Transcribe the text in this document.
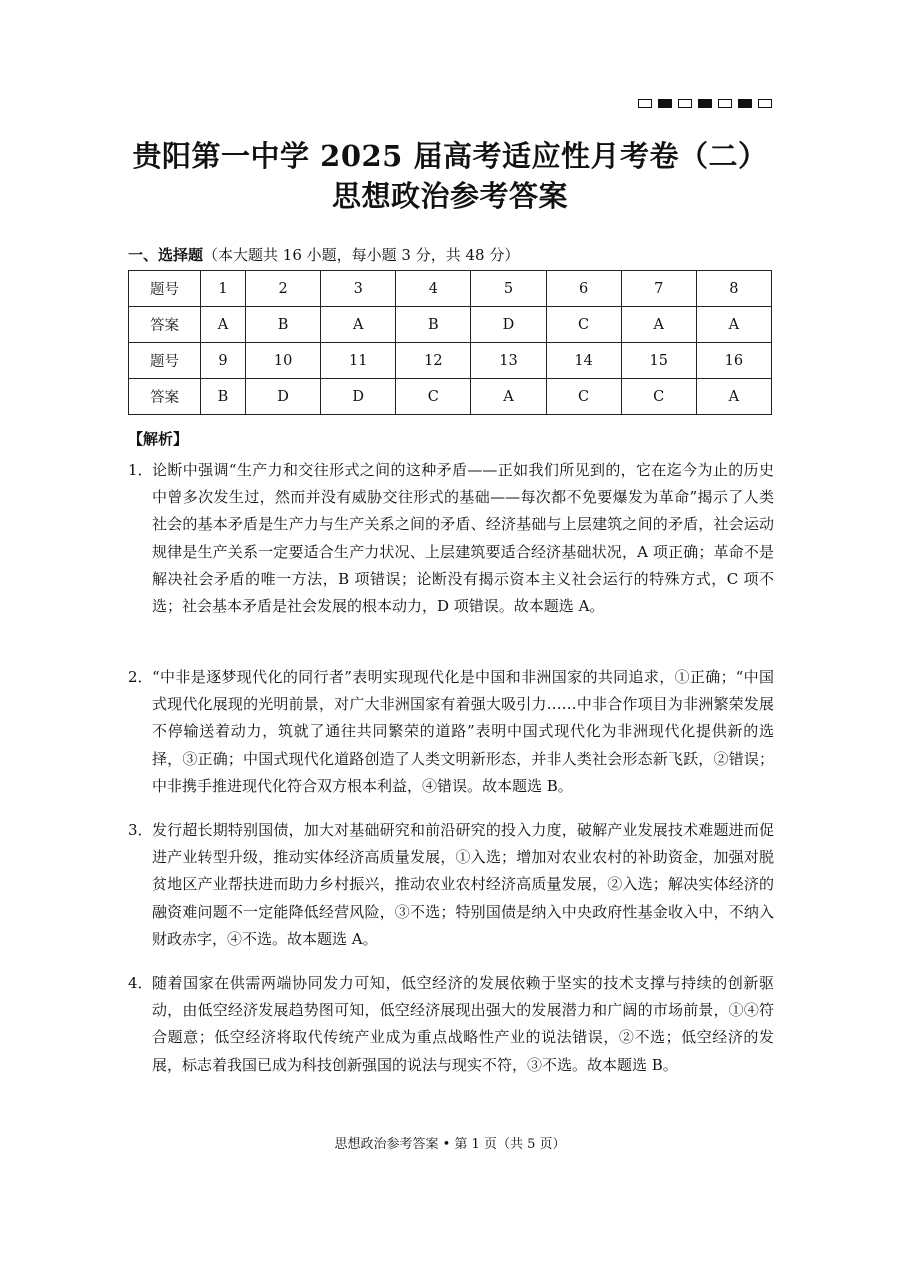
贵阳第一中学 2025 届高考适应性月考卷（二）
思想政治参考答案
一、选择题（本大题共 16 小题，每小题 3 分，共 48 分）
题号	1	2	3	4	5	6	7	8
答案	A	B	A	B	D	C	A	A
题号	9	10	11	12	13	14	15	16
答案	B	D	D	C	A	C	C	A
【解析】
1． 论断中强调“生产力和交往形式之间的这种矛盾——正如我们所见到的，它在迄今为止的历史中曾多次发生过，然而并没有威胁交往形式的基础——每次都不免要爆发为革命”揭示了人类社会的基本矛盾是生产力与生产关系之间的矛盾、经济基础与上层建筑之间的矛盾，社会运动规律是生产关系一定要适合生产力状况、上层建筑要适合经济基础状况，A 项正确；革命不是解决社会矛盾的唯一方法，B 项错误；论断没有揭示资本主义社会运行的特殊方式，C 项不选；社会基本矛盾是社会发展的根本动力，D 项错误。故本题选 A。
2． “中非是逐梦现代化的同行者”表明实现现代化是中国和非洲国家的共同追求，①正确；“中国式现代化展现的光明前景，对广大非洲国家有着强大吸引力……中非合作项目为非洲繁荣发展不停输送着动力，筑就了通往共同繁荣的道路”表明中国式现代化为非洲现代化提供新的选择，③正确；中国式现代化道路创造了人类文明新形态，并非人类社会形态新飞跃，②错误；中非携手推进现代化符合双方根本利益，④错误。故本题选 B。
3． 发行超长期特别国债，加大对基础研究和前沿研究的投入力度，破解产业发展技术难题进而促进产业转型升级，推动实体经济高质量发展，①入选；增加对农业农村的补助资金，加强对脱贫地区产业帮扶进而助力乡村振兴，推动农业农村经济高质量发展，②入选；解决实体经济的融资难问题不一定能降低经营风险，③不选；特别国债是纳入中央政府性基金收入中，不纳入财政赤字，④不选。故本题选 A。
4． 随着国家在供需两端协同发力可知，低空经济的发展依赖于坚实的技术支撑与持续的创新驱动，由低空经济发展趋势图可知，低空经济展现出强大的发展潜力和广阔的市场前景，①④符合题意；低空经济将取代传统产业成为重点战略性产业的说法错误，②不选；低空经济的发展，标志着我国已成为科技创新强国的说法与现实不符，③不选。故本题选 B。
思想政治参考答案 • 第 1 页（共 5 页）
